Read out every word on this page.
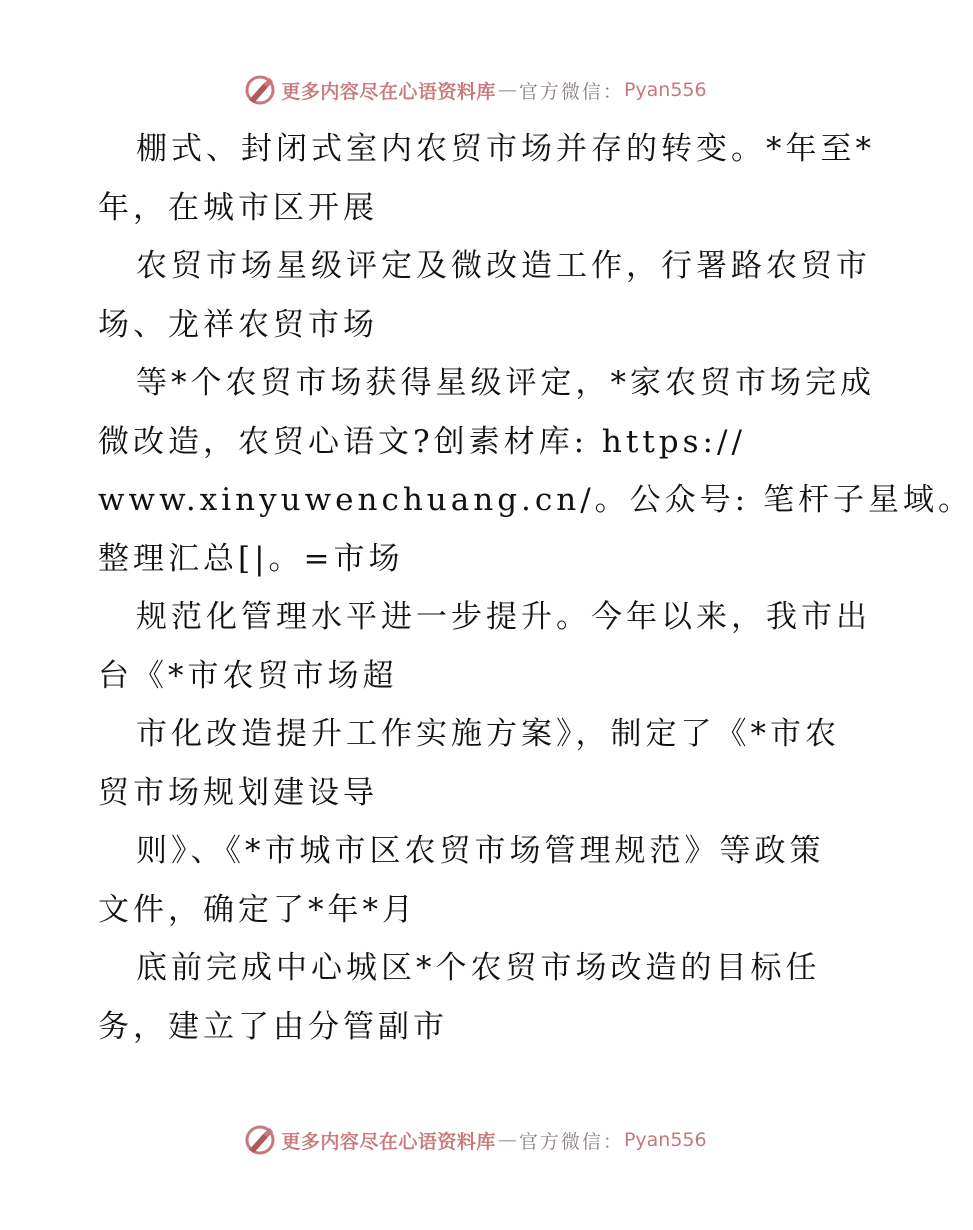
更多内容尽在心语资料库 — 官方微信： Pyan556
棚式、封闭式室内农贸市场并存的转变。*年至*
年，在城市区开展
农贸市场星级评定及微改造工作，行署路农贸市
场、龙祥农贸市场
等*个农贸市场获得星级评定，*家农贸市场完成
微改造，农贸心语文?创素材库: https://
www.xinyuwenchuang.cn/。公众号: 笔杆子星域。
整理汇总[|。=市场
规范化管理水平进一步提升。今年以来，我市出
台《*市农贸市场超
市化改造提升工作实施方案》，制定了《*市农
贸市场规划建设导
则》、《*市城市区农贸市场管理规范》等政策
文件，确定了*年*月
底前完成中心城区*个农贸市场改造的目标任
务，建立了由分管副市
更多内容尽在心语资料库 — 官方微信： Pyan556
